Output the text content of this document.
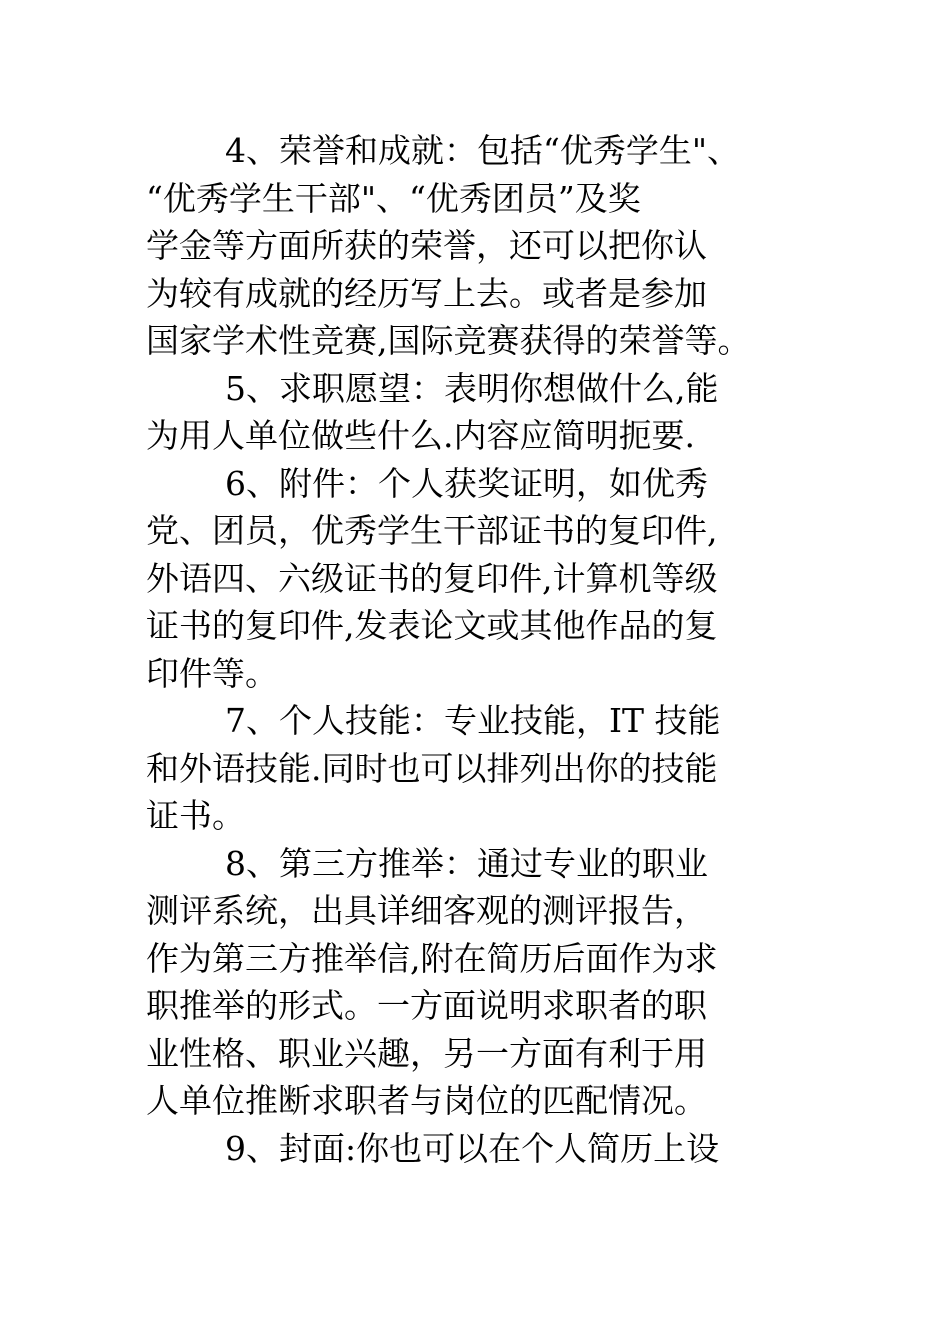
4、荣誉和成就：包括“优秀学生"、
“优秀学生干部"、“优秀团员”及奖
学金等方面所获的荣誉，还可以把你认
为较有成就的经历写上去。或者是参加
国家学术性竞赛,国际竞赛获得的荣誉等。
5、求职愿望：表明你想做什么,能
为用人单位做些什么.内容应简明扼要.
6、附件：个人获奖证明，如优秀
党、团员，优秀学生干部证书的复印件,
外语四、六级证书的复印件,计算机等级
证书的复印件,发表论文或其他作品的复
印件等。
7、个人技能：专业技能，IT 技能
和外语技能.同时也可以排列出你的技能
证书。
8、第三方推举：通过专业的职业
测评系统，出具详细客观的测评报告，
作为第三方推举信,附在简历后面作为求
职推举的形式。一方面说明求职者的职
业性格、职业兴趣，另一方面有利于用
人单位推断求职者与岗位的匹配情况。
9、封面:你也可以在个人简历上设
